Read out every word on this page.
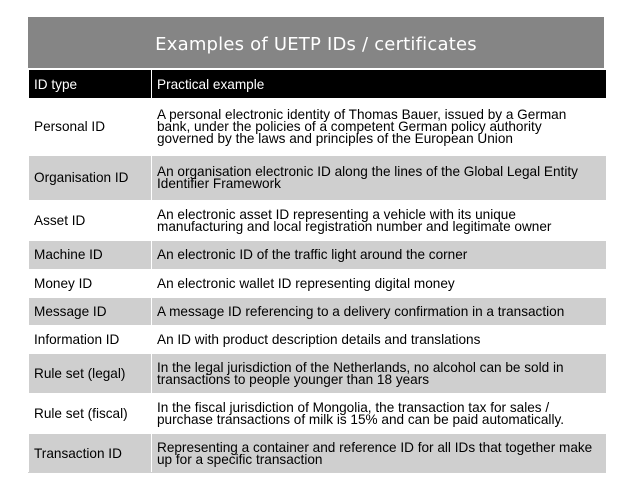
Examples of UETP IDs / certificates
ID type	Practical example
Personal ID	A personal electronic identity of Thomas Bauer, issued by a German bank, under the policies of a competent German policy authority governed by the laws and principles of the European Union
Organisation ID	An organisation electronic ID along the lines of the Global Legal Entity Identifier Framework
Asset ID	An electronic asset ID representing a vehicle with its unique manufacturing and local registration number and legitimate owner
Machine ID	An electronic ID of the traffic light around the corner
Money ID	An electronic wallet ID representing digital money
Message ID	A message ID referencing to a delivery confirmation in a transaction
Information ID	An ID with product description details and translations
Rule set (legal)	In the legal jurisdiction of the Netherlands, no alcohol can be sold in transactions to people younger than 18 years
Rule set (fiscal)	In the fiscal jurisdiction of Mongolia, the transaction tax for sales / purchase transactions of milk is 15% and can be paid automatically.
Transaction ID	Representing a container and reference ID for all IDs that together make up for a specific transaction
